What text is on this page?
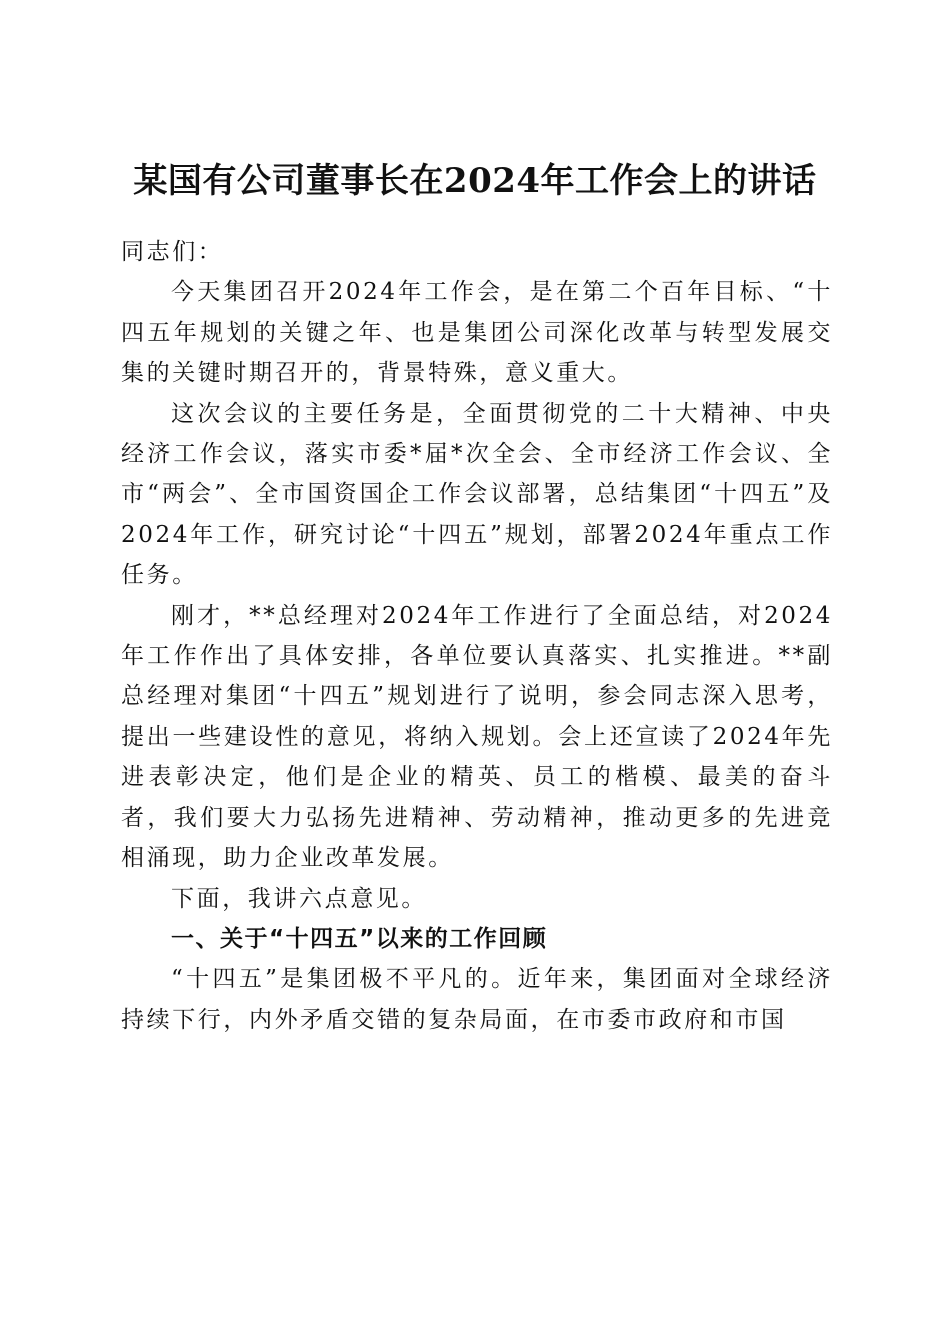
某国有公司董事长在2024年工作会上的讲话

同志们：

今天集团召开2024年工作会，是在第二个百年目标、“十四五年规划的关键之年、也是集团公司深化改革与转型发展交集的关键时期召开的，背景特殊，意义重大。

这次会议的主要任务是，全面贯彻党的二十大精神、中央经济工作会议，落实市委*届*次全会、全市经济工作会议、全市“两会”、全市国资国企工作会议部署，总结集团“十四五”及2024年工作，研究讨论“十四五”规划，部署2024年重点工作任务。

刚才，**总经理对2024年工作进行了全面总结，对2024年工作作出了具体安排，各单位要认真落实、扎实推进。**副总经理对集团“十四五”规划进行了说明，参会同志深入思考，提出一些建设性的意见，将纳入规划。会上还宣读了2024年先进表彰决定，他们是企业的精英、员工的楷模、最美的奋斗者，我们要大力弘扬先进精神、劳动精神，推动更多的先进竞相涌现，助力企业改革发展。

下面，我讲六点意见。

一、关于“十四五”以来的工作回顾

“十四五”是集团极不平凡的。近年来，集团面对全球经济持续下行，内外矛盾交错的复杂局面，在市委市政府和市国
